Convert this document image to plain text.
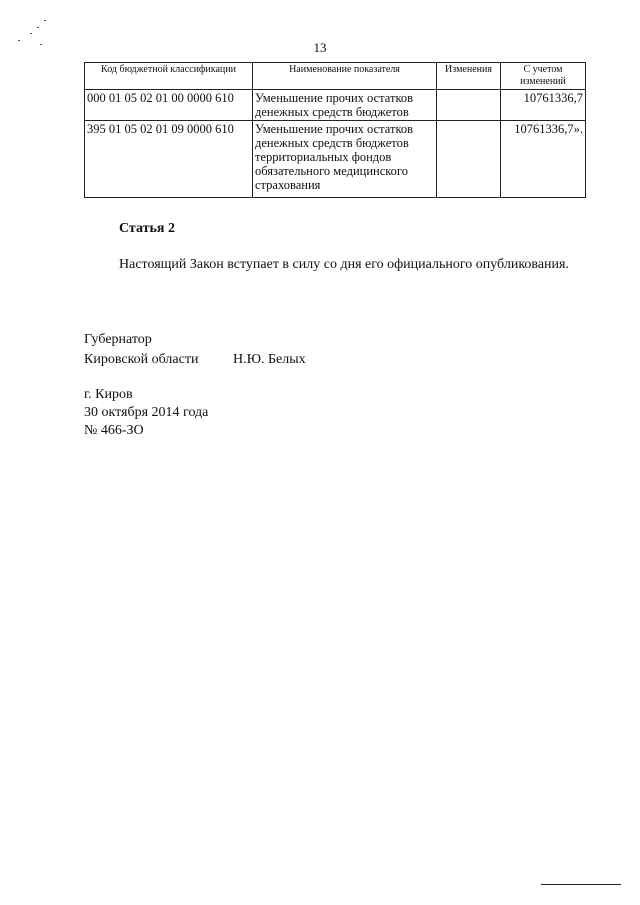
13
Код бюджетной классификации	Наименование показателя	Изменения	С учетом изменений
000 01 05 02 01 00 0000 610	Уменьшение прочих остатков денежных средств бюджетов		10761336,7
395 01 05 02 01 09 0000 610	Уменьшение прочих остатков денежных средств бюджетов территориальных фондов обязательного медицинского страхования		10761336,7».
Статья 2
Настоящий Закон вступает в силу со дня его официального опубликования.
Губернатор
Кировской области Н.Ю. Белых
г. Киров
30 октября 2014 года
№ 466-ЗО
